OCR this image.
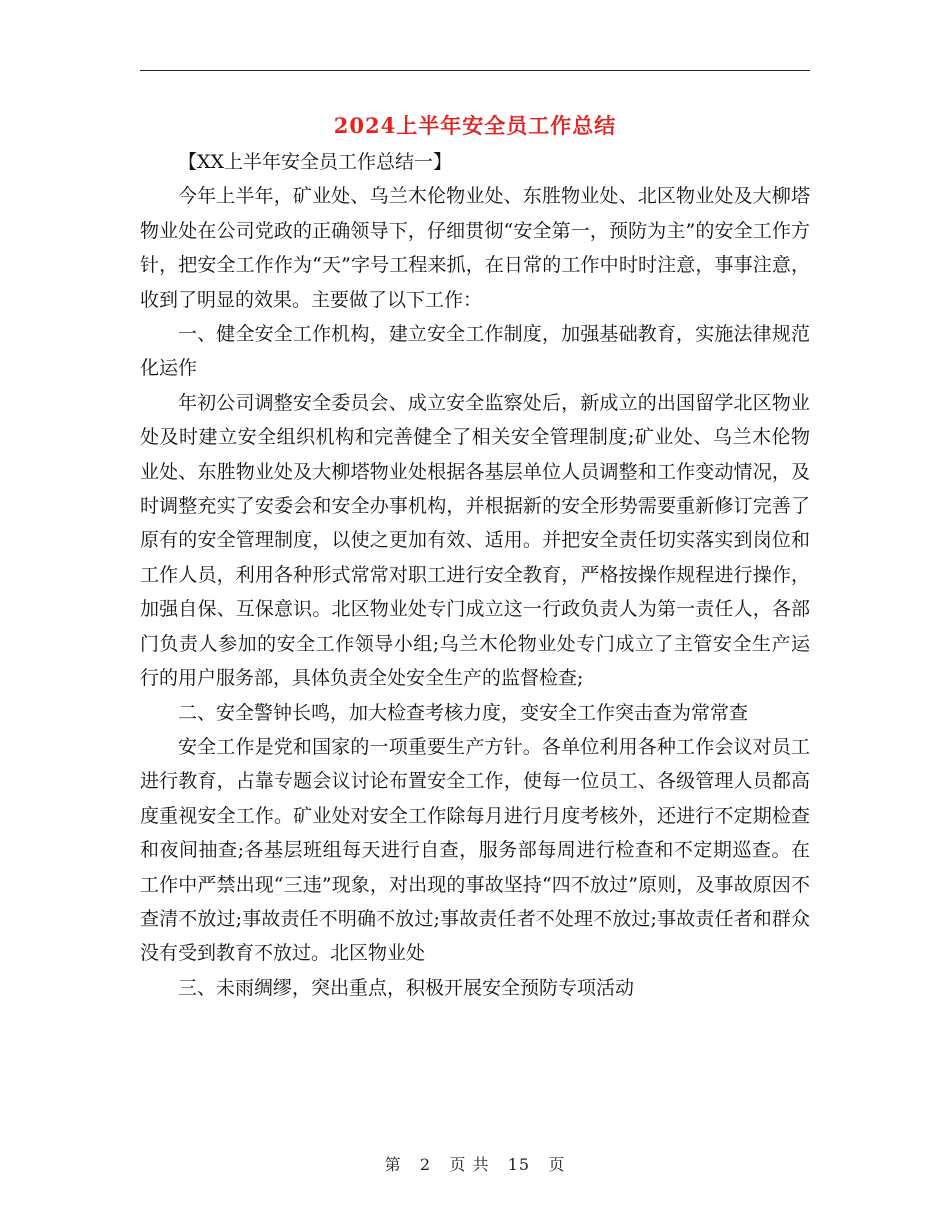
2024上半年安全员工作总结

【XX上半年安全员工作总结一】

今年上半年，矿业处、乌兰木伦物业处、东胜物业处、北区物业处及大柳塔物业处在公司党政的正确领导下，仔细贯彻“安全第一，预防为主”的安全工作方针，把安全工作作为“天”字号工程来抓，在日常的工作中时时注意，事事注意，收到了明显的效果。主要做了以下工作：

一、健全安全工作机构，建立安全工作制度，加强基础教育，实施法律规范化运作

年初公司调整安全委员会、成立安全监察处后，新成立的出国留学北区物业处及时建立安全组织机构和完善健全了相关安全管理制度;矿业处、乌兰木伦物业处、东胜物业处及大柳塔物业处根据各基层单位人员调整和工作变动情况，及时调整充实了安委会和安全办事机构，并根据新的安全形势需要重新修订完善了原有的安全管理制度，以使之更加有效、适用。并把安全责任切实落实到岗位和工作人员，利用各种形式常常对职工进行安全教育，严格按操作规程进行操作，加强自保、互保意识。北区物业处专门成立这一行政负责人为第一责任人，各部门负责人参加的安全工作领导小组;乌兰木伦物业处专门成立了主管安全生产运行的用户服务部，具体负责全处安全生产的监督检查;

二、安全警钟长鸣，加大检查考核力度，变安全工作突击查为常常查

安全工作是党和国家的一项重要生产方针。各单位利用各种工作会议对员工进行教育，占靠专题会议讨论布置安全工作，使每一位员工、各级管理人员都高度重视安全工作。矿业处对安全工作除每月进行月度考核外，还进行不定期检查和夜间抽查;各基层班组每天进行自查，服务部每周进行检查和不定期巡查。在工作中严禁出现“三违”现象，对出现的事故坚持“四不放过”原则，及事故原因不查清不放过;事故责任不明确不放过;事故责任者不处理不放过;事故责任者和群众没有受到教育不放过。北区物业处

三、未雨绸缪，突出重点，积极开展安全预防专项活动

第 2 页 共 15 页
